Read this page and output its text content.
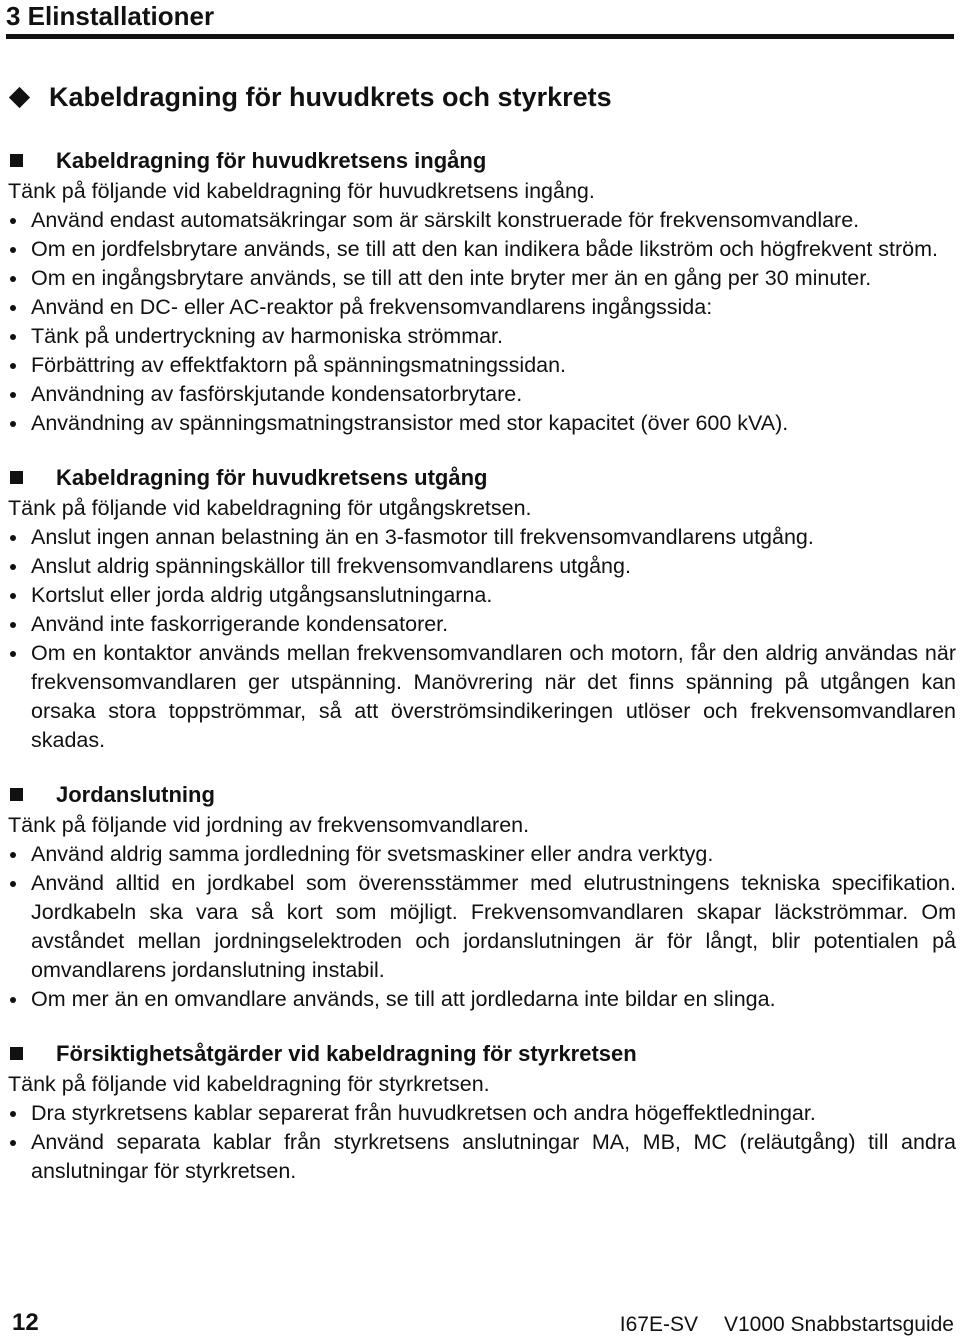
3 Elinstallationer
Kabeldragning för huvudkrets och styrkrets

Kabeldragning för huvudkretsens ingång

Tänk på följande vid kabeldragning för huvudkretsens ingång.

Använd endast automatsäkringar som är särskilt konstruerade för frekvensomvandlare.
Om en jordfelsbrytare används, se till att den kan indikera både likström och högfrekvent ström.
Om en ingångsbrytare används, se till att den inte bryter mer än en gång per 30 minuter.
Använd en DC- eller AC-reaktor på frekvensomvandlarens ingångssida:
Tänk på undertryckning av harmoniska strömmar.
Förbättring av effektfaktorn på spänningsmatningssidan.
Användning av fasförskjutande kondensatorbrytare.
Användning av spänningsmatningstransistor med stor kapacitet (över 600 kVA).

Kabeldragning för huvudkretsens utgång

Tänk på följande vid kabeldragning för utgångskretsen.

Anslut ingen annan belastning än en 3-fasmotor till frekvensomvandlarens utgång.
Anslut aldrig spänningskällor till frekvensomvandlarens utgång.
Kortslut eller jorda aldrig utgångsanslutningarna.
Använd inte faskorrigerande kondensatorer.
Om en kontaktor används mellan frekvensomvandlaren och motorn, får den aldrig användas när frekvensomvandlaren ger utspänning. Manövrering när det finns spänning på utgången kan orsaka stora toppströmmar, så att överströmsindikeringen utlöser och frekvensomvandlaren skadas.

Jordanslutning

Tänk på följande vid jordning av frekvensomvandlaren.

Använd aldrig samma jordledning för svetsmaskiner eller andra verktyg.
Använd alltid en jordkabel som överensstämmer med elutrustningens tekniska specifikation. Jordkabeln ska vara så kort som möjligt. Frekvensomvandlaren skapar läckströmmar. Om avståndet mellan jordningselektroden och jordanslutningen är för långt, blir potentialen på omvandlarens jordanslutning instabil.
Om mer än en omvandlare används, se till att jordledarna inte bildar en slinga.

Försiktighetsåtgärder vid kabeldragning för styrkretsen

Tänk på följande vid kabeldragning för styrkretsen.

Dra styrkretsens kablar separerat från huvudkretsen och andra högeffektledningar.
Använd separata kablar från styrkretsens anslutningar MA, MB, MC (reläutgång) till andra anslutningar för styrkretsen.
12	I67E-SV V1000 Snabbstartsguide
